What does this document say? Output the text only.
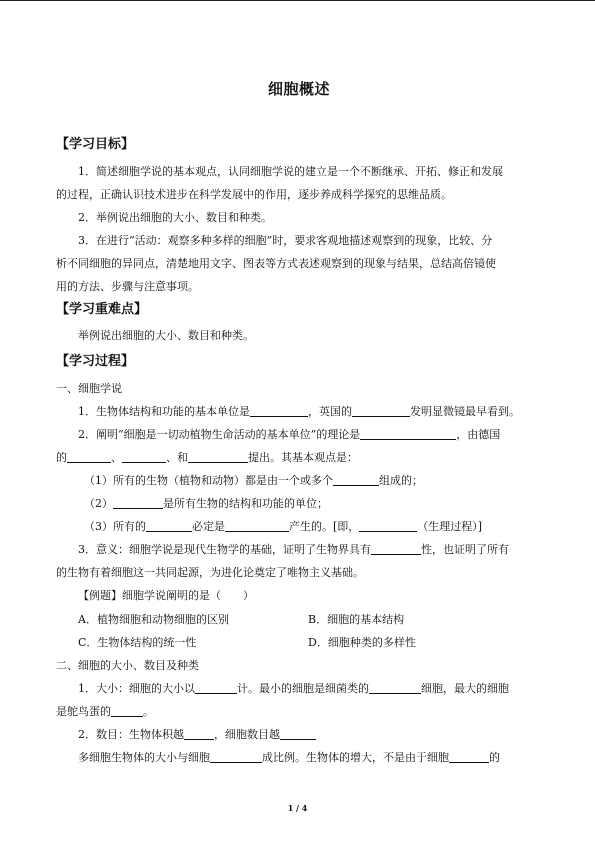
细胞概述
【学习目标】
1．简述细胞学说的基本观点，认同细胞学说的建立是一个不断继承、开拓、修正和发展
的过程，正确认识技术进步在科学发展中的作用，逐步养成科学探究的思维品质。
2．举例说出细胞的大小、数目和种类。
3．在进行“活动：观察多种多样的细胞”时，要求客观地描述观察到的现象，比较、分
析不同细胞的异同点，清楚地用文字、图表等方式表述观察到的现象与结果，总结高倍镜使
用的方法、步骤与注意事项。
【学习重难点】
举例说出细胞的大小、数目和种类。
【学习过程】
一、细胞学说
1．生物体结构和功能的基本单位是	，英国的	发明显微镜最早看到。
2．阐明“细胞是一切动植物生命活动的基本单位”的理论是	，由德国
的	、	、和	提出。其基本观点是：
（1）所有的生物（植物和动物）都是由一个或多个	组成的；
（2）	是所有生物的结构和功能的单位；
（3）所有的	必定是	产生的。[即，	（生理过程）]
3．意义：细胞学说是现代生物学的基础，证明了生物界具有	性，也证明了所有
的生物有着细胞这一共同起源，为进化论奠定了唯物主义基础。
【例题】细胞学说阐明的是（　　）
A．植物细胞和动物细胞的区别	B．细胞的基本结构
C．生物体结构的统一性	D．细胞种类的多样性
二、细胞的大小、数目及种类
1．大小：细胞的大小以	计。最小的细胞是细菌类的	细胞，最大的细胞
是鸵鸟蛋的	。
2．数目：生物体积越	，细胞数目越
多细胞生物体的大小与细胞	成比例。生物体的增大，不是由于细胞	的
1 / 4
